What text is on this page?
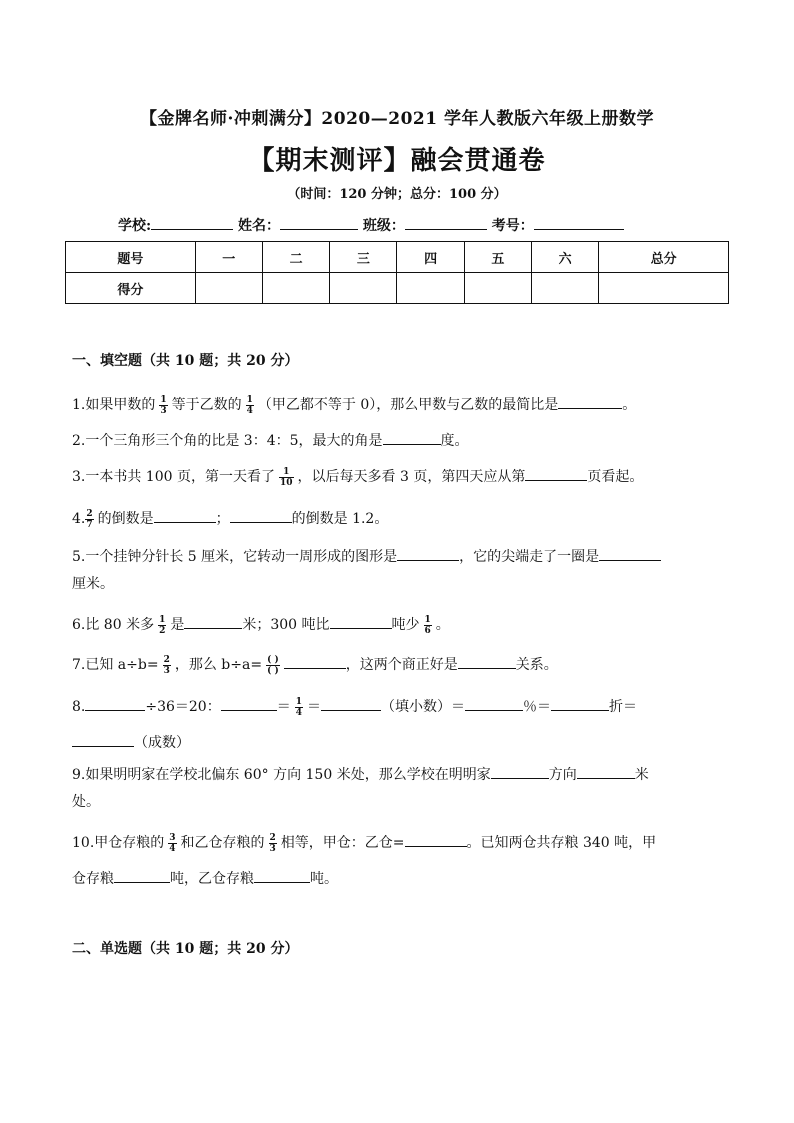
【金牌名师·冲刺满分】2020—2021 学年人教版六年级上册数学
【期末测评】融会贯通卷
（时间：120 分钟；总分：100 分）
学校:	姓名：	班级：	考号：
题号	一	二	三	四	五	六	总分
得分							
一、填空题（共 10 题；共 20 分）
1.如果甲数的 $\frac{1}{3}$ 等于乙数的 $\frac{1}{4}$ （甲乙都不等于 0），那么甲数与乙数的最简比是	。
2.一个三角形三个角的比是 3：4：5，最大的角是	度。
3.一本书共 100 页，第一天看了 $\frac{1}{10}$ ，以后每天多看 3 页，第四天应从第	页看起。
4. $\frac{2}{7}$ 的倒数是	；	的倒数是 1.2。
5.一个挂钟分针长 5 厘米，它转动一周形成的图形是	，它的尖端走了一圈是
厘米。
6.比 80 米多 $\frac{1}{2}$ 是	米；300 吨比	吨少 $\frac{1}{6}$ 。
7.已知 $a\div b= \frac{2}{3}$ ，那么 $b\div a= \frac{( )}{( )}$	，这两个商正好是	关系。
8.	÷36＝20：	＝ $\frac{1}{4}$ ＝	（填小数）＝	％＝	折＝
（成数）
9.如果明明家在学校北偏东 60° 方向 150 米处，那么学校在明明家	方向	米
处。
10.甲仓存粮的 $\frac{3}{4}$ 和乙仓存粮的 $\frac{2}{3}$ 相等，甲仓：乙仓=	。已知两仓共存粮 340 吨，甲
仓存粮	吨，乙仓存粮	吨。
二、单选题（共 10 题；共 20 分）
